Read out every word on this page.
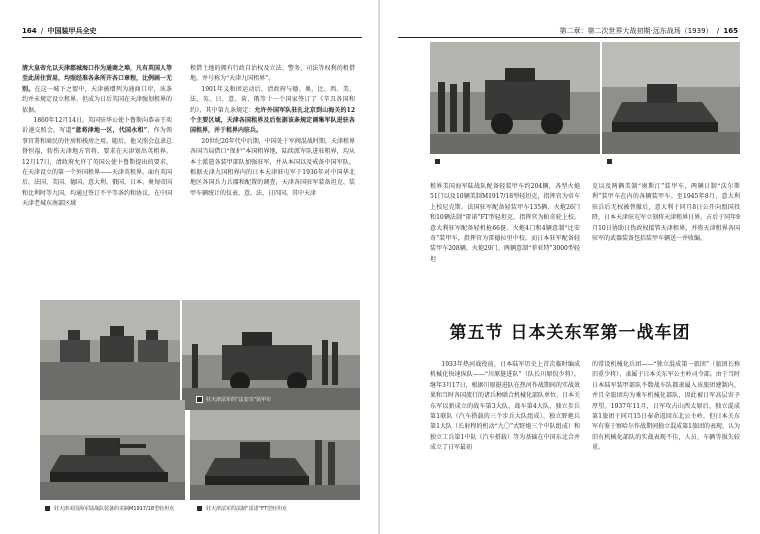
164 / 中国装甲兵全史

清大皇帝允以天津郡城海口作为通商之埠，凡有英国人等至此居住贸易，均照经准各条所开各口章程，比例画一无别。在这一城下之盟中，天津被增列为通商口岸，该条约并未规定设立租界，但成为日后英国在天津强划租界的依据。

1860年12月14日，英国驻华公使卜鲁斯向恭亲王奕䜣递交照会，写道“意将津地一区，代国永租”，作为领事官署和商民的住房和栈房之用。随后，他又照会直隶总督恒福，转伤天津地方官将，要求在天津划出英租界。12月17日，清政府允许了英国公使卜鲁斯提出的要求，在天津设立的第一个外国租界——天津英租界。面有英国后，法国、美国、德国、意大利、俄国、日本、奥匈帝国和比利时等九国，均通过签订不平等条约和协议，在中国天津老城东南部区域

租借土地的拥有行政自治权及立法、警务、司法等权利的租借地，并号称为“天津九国租界”。

1901年义和团运动后，清政府与德、奥、比、西、美、法、英、日、意、荷、俄等十一个国家签订了《辛丑各国和约》，其中第九条规定：允许外国军队驻扎北京到山海关的12个主要区域，天津各国租界及后张据该条规定调集军队进驻各国租界，并于租界内驻兵。

20世纪20年代中后期，中国处于军阀混战时期，天津租界各国当局借口“保护”本国租界地，陆续派军队进驻租界，均从本土派遣各装甲部队加强驻军，并从本国以及戒备中国军队。根据天津九国租界内的日本天津驻屯军于1936年对中国华北地区各国兵力兵器和配置的调查，天津各国驻军装备坦克、装甲车辆统计的仪表、意、法、日四国。其中天津

驻天津法军的“法安奇”装甲车
驻天津美国海军陆战队装备的美制M1917/18型轻坦克	驻天津法军的法制“雷诺”FT型轻坦克
第二章：第二次世界大战初期·远东战场（1939） / 165
驻天津日军的美制“斯旺”坦克车	驻天津日军意制“菲亚特”3000型轻坦克

租界美国海军陆战队配备轻装甲车约204辆，各型火炮51门以及10辆美制M1917/18型轻坦克，指挥官为帝车上校尼克斯。法国驻军配备轻装甲车135辆、火炮26门和10辆法制“雷诺”FT型轻坦克，指挥官为帕奇轮上校。意大利驻军配备轻机枪66挺、火炮4门和4辆意制“比安奇”装甲车，指挥官为雷德拉里中校。而日本驻军配备轻装甲车208辆、火炮29门、两辆意制“菲亚特”3000型轻坦

克以及两辆美制“奥斯汀”装甲车，两辆日制“沃尔斯利”装甲车在内的各辆装甲车。至1945年8月，意大利驻兵后无权被替撤后，意大利于同月8日公开向盟国投降，日本天津驻屯军立刻将天津租界日界，占后于同年9月10日协助日伪政权接管天津租界，并将天津租界各国驻军的武器装备包括装甲车辆送一并收编。

第五节 日本关东军第一战车团

1933年热河战役前，日本陆军历史上首次临时编成机械化快速纵队——“川原挺进队”（队长川原侃少将）。继年3月17日，根据川原挺进队在热河作战期间的实战效果和当时各国流行的诸兵种联合机械化部队单位，日本关东军以新成立的战车第3大队、战车第4大队、独立步兵第1联队（汽车搭载的三个步兵大队组成）、独立野炮兵第1大队（长射程的机动“九〇”式野炮三个中队组成）和独立工兵第1中队（汽车搭载）等为基础在中国东北合并成立了日军最初

的常设机械化兵团——“独立混成第一旅团”（旅团长称旧重少将），隶属于日本关东军公主岭司令部。由于当时日本陆军装甲部队不数战车队都隶属入该旅团建制内，并且全旅团均为乘车机械化部队，因此被日军高层寄予厚望。1937年11月，日军攻占山西太原后，独立混成第1旅团于同月15日奉命返回东北公主岭，但日本关东军有鉴于察哈尔作战期间独立混成第1旅团的表现，认为旧有机械化部队的实战表现不佳，人员、车辆等损失较重。
